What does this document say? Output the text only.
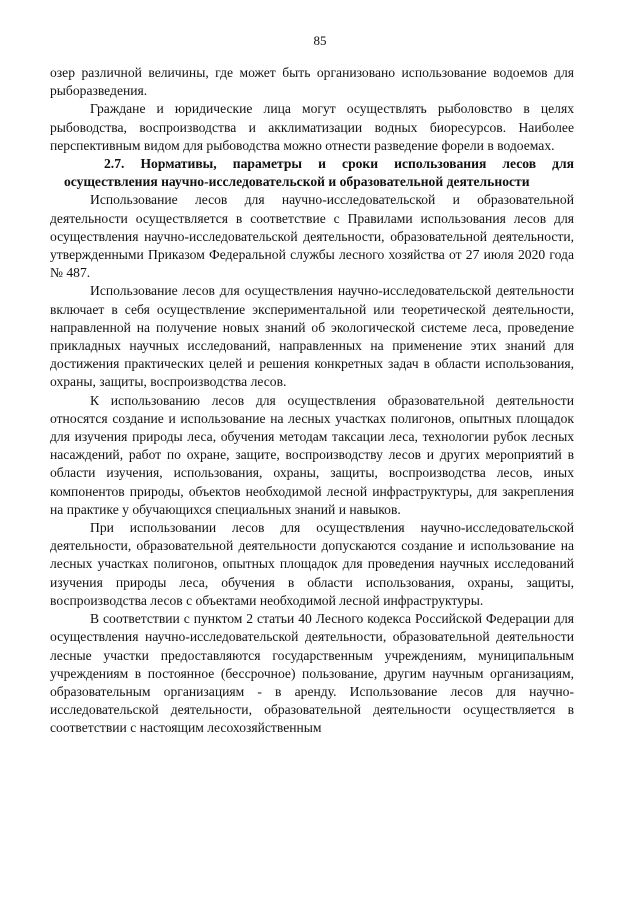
85

озер различной величины, где может быть организовано использование водоемов для рыборазведения.

Граждане и юридические лица могут осуществлять рыболовство в целях рыбоводства, воспроизводства и акклиматизации водных биоресурсов. Наиболее перспективным видом для рыбоводства можно отнести разведение форели в водоемах.

2.7. Нормативы, параметры и сроки использования лесов для осуществления научно-исследовательской и образовательной деятельности

Использование лесов для научно-исследовательской и образовательной деятельности осуществляется в соответствие с Правилами использования лесов для осуществления научно-исследовательской деятельности, образовательной деятельности, утвержденными Приказом Федеральной службы лесного хозяйства от 27 июля 2020 года № 487.

Использование лесов для осуществления научно-исследовательской деятельности включает в себя осуществление экспериментальной или теоретической деятельности, направленной на получение новых знаний об экологической системе леса, проведение прикладных научных исследований, направленных на применение этих знаний для достижения практических целей и решения конкретных задач в области использования, охраны, защиты, воспроизводства лесов.

К использованию лесов для осуществления образовательной деятельности относятся создание и использование на лесных участках полигонов, опытных площадок для изучения природы леса, обучения методам таксации леса, технологии рубок лесных насаждений, работ по охране, защите, воспроизводству лесов и других мероприятий в области изучения, использования, охраны, защиты, воспроизводства лесов, иных компонентов природы, объектов необходимой лесной инфраструктуры, для закрепления на практике у обучающихся специальных знаний и навыков.

При использовании лесов для осуществления научно-исследовательской деятельности, образовательной деятельности допускаются создание и использование на лесных участках полигонов, опытных площадок для проведения научных исследований изучения природы леса, обучения в области использования, охраны, защиты, воспроизводства лесов с объектами необходимой лесной инфраструктуры.

В соответствии с пунктом 2 статьи 40 Лесного кодекса Российской Федерации для осуществления научно-исследовательской деятельности, образовательной деятельности лесные участки предоставляются государственным учреждениям, муниципальным учреждениям в постоянное (бессрочное) пользование, другим научным организациям, образовательным организациям - в аренду. Использование лесов для научно-исследовательской деятельности, образовательной деятельности осуществляется в соответствии с настоящим лесохозяйственным
